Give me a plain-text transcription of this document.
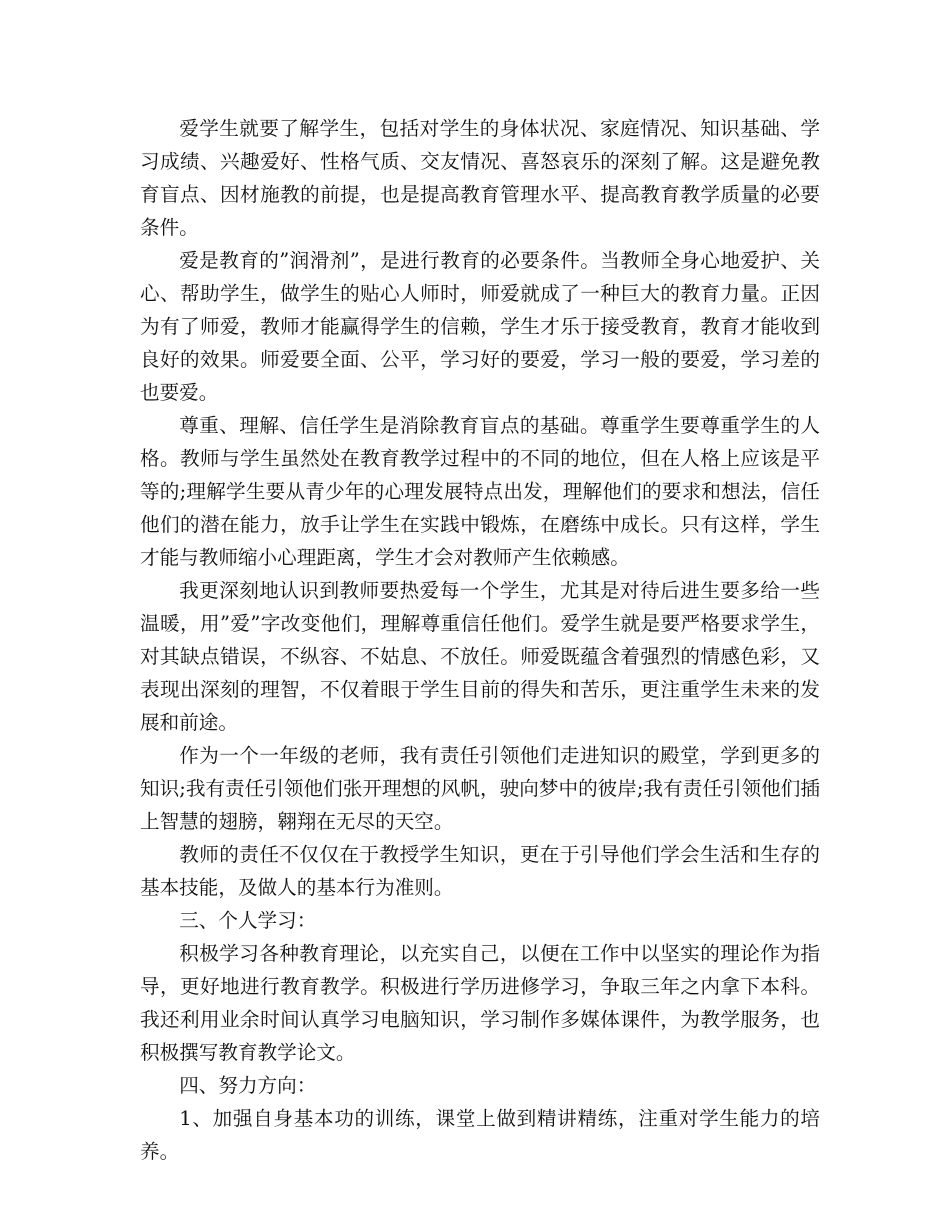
爱学生就要了解学生，包括对学生的身体状况、家庭情况、知识基础、学习成绩、兴趣爱好、性格气质、交友情况、喜怒哀乐的深刻了解。这是避免教育盲点、因材施教的前提，也是提高教育管理水平、提高教育教学质量的必要条件。

爱是教育的”润滑剂”，是进行教育的必要条件。当教师全身心地爱护、关心、帮助学生，做学生的贴心人师时，师爱就成了一种巨大的教育力量。正因为有了师爱，教师才能赢得学生的信赖，学生才乐于接受教育，教育才能收到良好的效果。师爱要全面、公平，学习好的要爱，学习一般的要爱，学习差的也要爱。

尊重、理解、信任学生是消除教育盲点的基础。尊重学生要尊重学生的人格。教师与学生虽然处在教育教学过程中的不同的地位，但在人格上应该是平等的;理解学生要从青少年的心理发展特点出发，理解他们的要求和想法，信任他们的潜在能力，放手让学生在实践中锻炼，在磨练中成长。只有这样，学生才能与教师缩小心理距离，学生才会对教师产生依赖感。

我更深刻地认识到教师要热爱每一个学生，尤其是对待后进生要多给一些温暖，用”爱”字改变他们，理解尊重信任他们。爱学生就是要严格要求学生，对其缺点错误，不纵容、不姑息、不放任。师爱既蕴含着强烈的情感色彩，又表现出深刻的理智，不仅着眼于学生目前的得失和苦乐，更注重学生未来的发展和前途。

作为一个一年级的老师，我有责任引领他们走进知识的殿堂，学到更多的知识;我有责任引领他们张开理想的风帆，驶向梦中的彼岸;我有责任引领他们插上智慧的翅膀，翱翔在无尽的天空。

教师的责任不仅仅在于教授学生知识，更在于引导他们学会生活和生存的基本技能，及做人的基本行为准则。

三、个人学习：

积极学习各种教育理论，以充实自己，以便在工作中以坚实的理论作为指导，更好地进行教育教学。积极进行学历进修学习，争取三年之内拿下本科。我还利用业余时间认真学习电脑知识，学习制作多媒体课件，为教学服务，也积极撰写教育教学论文。

四、努力方向：

1、加强自身基本功的训练，课堂上做到精讲精练，注重对学生能力的培养。
